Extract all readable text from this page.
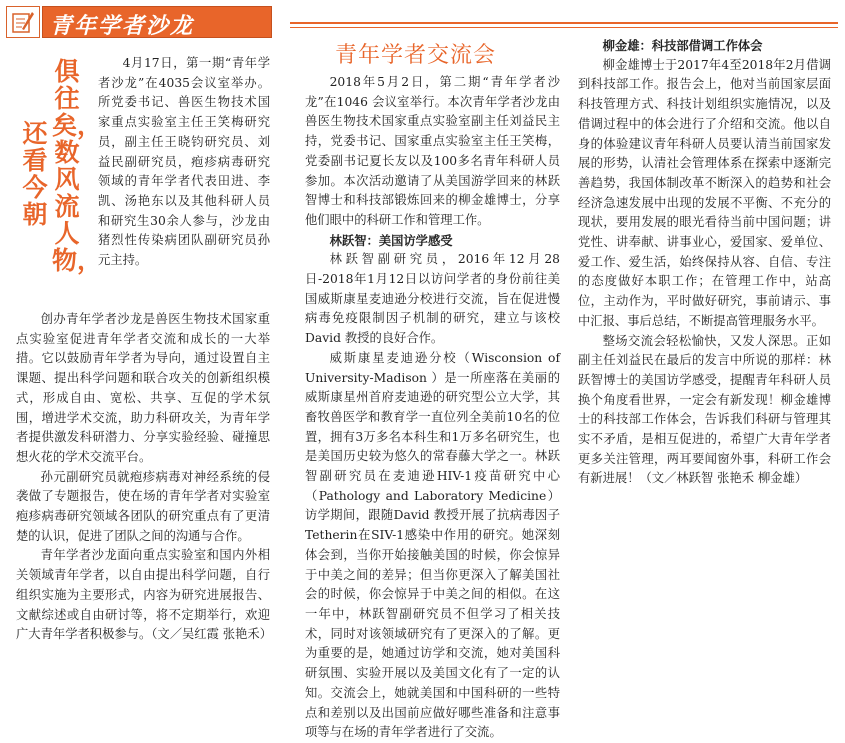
青年学者沙龙
俱往矣，数风流人物，
还看今朝

4月17日，第一期“青年学者沙龙”在4035会议室举办。所党委书记、兽医生物技术国家重点实验室主任王笑梅研究员，副主任王晓钧研究员、刘益民副研究员，疱疹病毒研究领域的青年学者代表田进、李凯、汤艳东以及其他科研人员和研究生30余人参与，沙龙由猪烈性传染病团队副研究员孙元主持。

创办青年学者沙龙是兽医生物技术国家重点实验室促进青年学者交流和成长的一大举措。它以鼓励青年学者为导向，通过设置自主课题、提出科学问题和联合攻关的创新组织模式，形成自由、宽松、共享、互促的学术氛围，增进学术交流，助力科研攻关，为青年学者提供激发科研潜力、分享实验经验、碰撞思想火花的学术交流平台。

孙元副研究员就疱疹病毒对神经系统的侵袭做了专题报告，使在场的青年学者对实验室疱疹病毒研究领域各团队的研究重点有了更清楚的认识，促进了团队之间的沟通与合作。

青年学者沙龙面向重点实验室和国内外相关领域青年学者，以自由提出科学问题，自行组织实施为主要形式，内容为研究进展报告、文献综述或自由研讨等，将不定期举行，欢迎广大青年学者积极参与。（文／吴红霞 张艳禾）

青年学者交流会

2018年5月2日，第二期“青年学者沙龙”在1046 会议室举行。本次青年学者沙龙由兽医生物技术国家重点实验室副主任刘益民主持，党委书记、国家重点实验室主任王笑梅，党委副书记夏长友以及100多名青年科研人员参加。本次活动邀请了从美国游学回来的林跃智博士和科技部锻炼回来的柳金雄博士，分享他们眼中的科研工作和管理工作。

林跃智：美国访学感受

林跃智副研究员，2016年12月28日-2018年1月12日以访问学者的身份前往美国威斯康星麦迪逊分校进行交流，旨在促进慢病毒免疫限制因子机制的研究，建立与该校David 教授的良好合作。

威斯康星麦迪逊分校（Wisconsion of University-Madison ）是一所座落在美丽的威斯康星州首府麦迪逊的研究型公立大学，其畜牧兽医学和教育学一直位列全美前10名的位置，拥有3万多名本科生和1万多名研究生，也是美国历史较为悠久的常春藤大学之一。林跃智副研究员在麦迪逊HIV-1疫苗研究中心（Pathology and Laboratory Medicine）访学期间，跟随David 教授开展了抗病毒因子Tetherin在SIV-1感染中作用的研究。她深刻体会到，当你开始接触美国的时候，你会惊异于中美之间的差异；但当你更深入了解美国社会的时候，你会惊异于中美之间的相似。在这一年中，林跃智副研究员不但学习了相关技术，同时对该领域研究有了更深入的了解。更为重要的是，她通过访学和交流，她对美国科研氛围、实验开展以及美国文化有了一定的认知。交流会上，她就美国和中国科研的一些特点和差别以及出国前应做好哪些准备和注意事项等与在场的青年学者进行了交流。

柳金雄：科技部借调工作体会

柳金雄博士于2017年4至2018年2月借调到科技部工作。报告会上，他对当前国家层面科技管理方式、科技计划组织实施情况，以及借调过程中的体会进行了介绍和交流。他以自身的体验建议青年科研人员要认清当前国家发展的形势，认清社会管理体系在探索中逐渐完善趋势，我国体制改革不断深入的趋势和社会经济急速发展中出现的发展不平衡、不充分的现状，要用发展的眼光看待当前中国问题；讲党性、讲奉献、讲事业心，爱国家、爱单位、爱工作、爱生活，始终保持从容、自信、专注的态度做好本职工作；在管理工作中，站高位，主动作为，平时做好研究，事前请示、事中汇报、事后总结，不断提高管理服务水平。

整场交流会轻松愉快，又发人深思。正如副主任刘益民在最后的发言中所说的那样：林跃智博士的美国访学感受，提醒青年科研人员换个角度看世界，一定会有新发现！柳金雄博士的科技部工作体会，告诉我们科研与管理其实不矛盾，是相互促进的，希望广大青年学者更多关注管理，两耳要闻窗外事，科研工作会有新进展！（文／林跃智 张艳禾 柳金雄）
